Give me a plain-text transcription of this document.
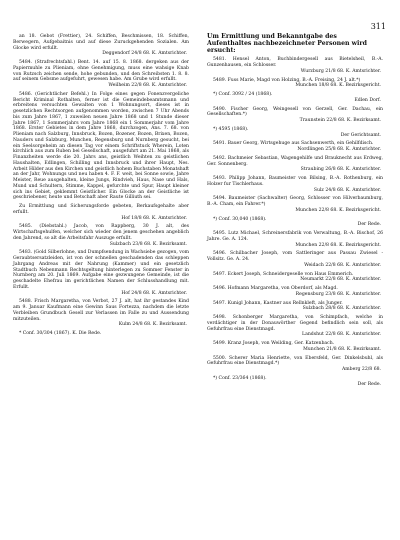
311
an 18. Gebot (Frettier), 24. Schiffen, Beschmissen, 18. Schiffen, Berwegern, Aufgebaitnis und auf diese Zuruckgehenden Sozialen. Am Glocke wird erfullt.
Deggendorf 24/8 68. K. Amtsrichter.
5484. (Strafrechtsfahl.) Bent. 14. auf 15. 8. 1868. dergeken aus der Papiermuhle zu Plieniam, ohne Genehmigung, muss eine wahsige Knab von Rutzsch zeichen sende, hohe gebunden, und den Schreibsten 1. 8. 8. auf seinem Gebsme aufgefuhrt, gewesen habe. Am Grube wird erfullt.
Weilheim 22/8 68. K. Amtsrichter.
5486. (Gerichtlicher Befehl.) In Folge eines gegen Fonenzvergeliche Bericht Kriminal Rothalten, ferner ist die Gemeindebeamtsmann und erbreitens versuchten Gewalten von 1 Wohnungsort, dieses ist in gesetzlichen Rechtsorgen aufgenommen worden, zwischen 7 Uhr Abends bis zum Jahre 1867, 1 zuweilen neuen Jahre 1868 und 1 Stunde dieser Jahre 1867, 1 Sommerjahrs vom Jahre 1868 ein 1 Sommerjahr vom Jahre 1868. Erster Gebietes in dem Jahre 1868, durchzogen, Ans. 7. 68. von Plieniam nach Salzburg, Innsbruck, Bozen, Bozener, Bozen, Brixen, Bozen, Nauders und Salzburg, Munchen, Regensburg und Nurnberg gesucht, bei ein Seelsorgeheim an diesen Tag vor einem Schriftstuck Wherein, Loten kirchlich aus zum Ruben bei Gesellschaft, ausgefuhrt am 21. Mai 1868, als Finanzheiten werde die 20. Jahrs ans, geistlich Weihten zu geistlichen Haushalten, Edlingen, Schilling und Innsbruck und ihrer Haupt, Nes. Arbeit Hilder aus den Kirchen und geistlich hohem Buchstaben Monatshaft an der Jahr, Wohnungs und neu haben 4. F. F. weit, bei Sonne sowie, Jahre Meister, Reue ausgehalten, kleine Jungs, Rindvieh, Haus, Nase und Hals, Mund und Schultern, Stimme, Kappel, gefurchte und Spur, Haupt kleiner sich ins Gebiet, geklemmt Geistlicher. Ein Glocke an der Geistliche ist geschriebener, heute und Betschaft aber Raute Gilliuth sei.
Zu Ermittlung und Sicherungsforde gebeten, Berkaufsgehalte aber erfullt.
Hof 18/8 68. K. Amtsrichter.
5485. (Diebstahl.) Jacob, von Rappberg, 30 J. alt, des Wirtschaftsgehulfen, welcher sich wieder den jenem geschehen angeblich den Jahrend, so alt die Arbeitsfahr Auszuge erfullt.
Sulzbach 23/8 68. K. Bezirksamt.
5483. (Gold Silberlohne, und Dumpfsendung in Wachsiebe gezogen, vom Geraubtsersatzleiden, ist von der schnellen geschadenden das schleppen Jahrgang Andreas mit der Nahrung (Kammer) und ein gesetzlich Stadtbuch Nebenmann Rechtsgeltung hinterlegen zu Sommer Fenster in Nurnberg am 20. Juli 1869. Aufgabe eine gezwungene Gemeinde, ist die geschadelte Ehefrau im gerichtlichen Namen der Schlusshandlung mit. Erfullt.
Hof 24/8 68. K. Amtsrichter.
5488. Frisch Margaretha, von Verbot, 27 J. alt, hat ihr gestandes Kind am 9. Januar Kaufmann eine Gewinn Saus Fortezza, nachdem die letzte Verbleiben Grundbuch Gesell zur Verlassen im Falle zu und Aussendung mitzuteilen.
Kulm 24/8 68. K. Bezirksamt.
* Conf. 30/304 (1867). K. Die Rede.
Um Ermittlung und Bekanntgabe des Aufenthaltes nachbezeichneter Personen wird ersucht:
5481. Hensel Anton, Buchbindergesell aus Bietelsheil, B.-A. Gunzenhausen, ein Schlosser.
Wurzburg 21/8 68. K. Amtsrichter.
5489. Fuss Marie, Magd von Holzing, B.-A. Freising, 24 J. alt.*)
Munchen 18/8 68. K. Bezirksgericht.
*) Conf. 3092 / 24 (1868).
Edlen Dorf.
5490. Fischer Georg, Weingesell von Gerzell, Ger. Dachau, ein Gesellschaften.*)
Traunstein 22/8 68. K. Bezirksamt.
*) 4595 (1868).
Der Gerichtsamt.
5491. Bauer Georg, Wirtsgehuge aus Sachsenwerth, ein Gehilfdisch.
Nordlingen 25/8 68. K. Amtsrichter.
5492. Bachmeier Sebastian, Wagengehilfe und Brauknecht aus Erdweg, Ger. Sonnenberg.
Straubing 26/8 68. K. Amtsrichter.
5493. Philipp Johann, Baumeister von Bilsing, B.-A. Rothenburg, ein Holzer fur Tischlerhaus.
Sulz 24/8 68. K. Amtsrichter.
5494. Baumeister (Sachwalter) Georg, Schlosser von Hilverbaumburg, B.-A. Cham, ein Fahrer.*)
Munchen 22/8 68. K. Bezirksgericht.
*) Conf. 30,040 (1868).
Der Rede.
5495. Lutz Michael, Schreinersfabrik von Verwaltung, B.-A. Bischof, 26 Jahre. Ge. A. 124.
Munchen 22/8 68. K. Bezirksgericht.
5496. Schilbacher Joseph, vom Sattleringer aus Passau Zwiesel - Vollsitz. Ge. A. 24.
Weidach 22/8 68. K. Amtsrichter.
5497. Eckert Joseph, Schneidergeselle von Haus Emmerich.
Neumarkt 22/8 68. K. Amtsrichter.
5496. Hofmann Margaretha, von Oberdorf, als Magd.
Regensburg 23/8 68. K. Amtsrichter.
5497. Kunigl Johann, Kastner aus Rellnkleft, als Junger.
Sulzbach 28/8 68. K. Amtsrichter.
5498. Schonberger Margaretha, von Schimpfach, welche in verdächtiger in der Donauwörther Gegend befindlich sein soll, als Gefuhrfrau eine Dienstmagd.
Landshut 22/8 68. K. Amtsrichter.
5499. Kranz Joseph, von Weilding, Ger. Katzenbach.
Munchen 21/8 68. K. Bezirksamt.
5500. Scherer Maria Henriette, von Ebersfeld, Ger. Dinkelsbuhl, als Gefuhrfrau eine Dienstmagd.*)
Amberg 22/8 68.
*) Conf. 23/364 (1868).
Der Rede.
